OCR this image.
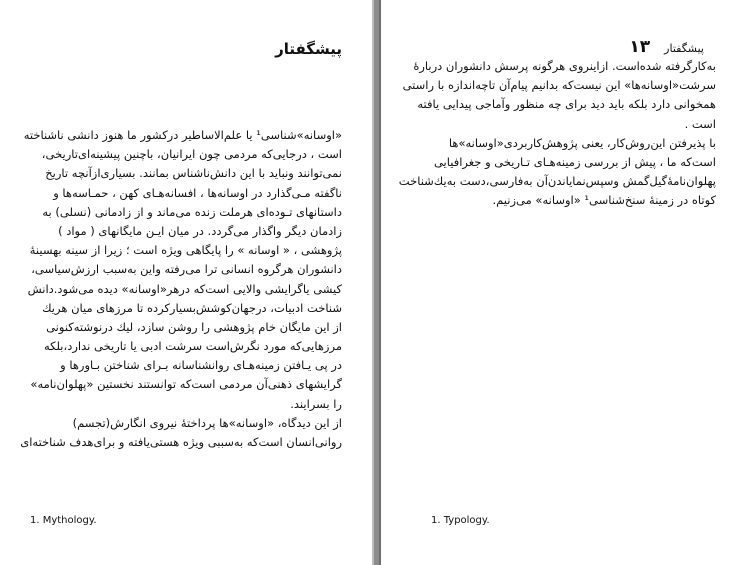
پیشگفتار
«اوسانه»شناسی¹ یا علم‌الاساطیر درکشور ما هنوز دانشی ناشناخته
است ، درجایی‌که مردمی چون ایرانیان، باچنین پیشینه‌ای‌تاریخی،
نمی‌توانند ونباید با این دانش‌ناشناس بمانند. بسیاری‌از‌آنچه تاریخ
ناگفته مـی‌گذارد در اوسانه‌ها ، افسانه‌هـای کهن ، حمـاسه‌ها و
داستانهای تـوده‌ای هرملت زنده می‌ماند و از زادمانی (نسلی) به
زادمان دیگر واگذار می‌گردد. در میان ایـن مایگانهای ( مواد )
پژوهشی ، « اوسانه » را پایگاهی ویژه است ؛ زیرا از سینه بهسینهٔ
دانشوران هرگروه انسانی ترا می‌رفته واین به‌سبب ارزش‌سیاسی،
کیشی یاگرایشی والایی است‌که درهر«اوسانه» دیده می‌شود.دانش
شناخت ادبیات، درجهان‌کوشش‌بسیارکرده تا مرزهای میان هریك
از این مایگان خام پژوهشی را روشن سازد، لیك درنوشته‌کنونی
مرزهایی‌که مورد نگرش‌است سرشت ادبی یا تاریخی ندارد،بلکه
در پی یـافتن زمینه‌هـای روانشناسانه بـرای شناختن بـاورها و
گرایشهای ذهنی‌آن مردمی است‌که توانستند نخستین «پهلوان‌نامه»
را بسرایند.
از این دیدگاه، «اوسانه»ها پرداختهٔ نیروی انگارش(تجسم)
روانی‌انسان است‌که به‌سببی ویژه هستی‌یافته و برای‌هدف شناخته‌ای
1. Mythology.
پیشگفتار
۱۳
به‌کارگرفته شده‌است. ازاینروی هرگونه پرسش دانشوران دربارهٔ
سرشت«اوسانه‌ها» این نیست‌که بدانیم پیام‌آن تاچه‌اندازه با راستی
همخوانی دارد بلکه باید دید برای چه منظور وآماجی پیدایی یافته
است .
با پذیرفتن این‌روش‌کار، یعنی پژوهش‌کاربردی«اوسانه»ها
است‌که ما ، پیش از بررسی زمینه‌هـای تـاریخی و جغرافیایی
پهلوان‌نامهٔ‌گیل‌گمش وسپس‌نمایاندن‌آن به‌فارسی،دست به‌یك‌شناخت
کوتاه در زمینهٔ سنخ‌شناسی¹ «اوسانه» می‌زنیم.
1. Typology.
